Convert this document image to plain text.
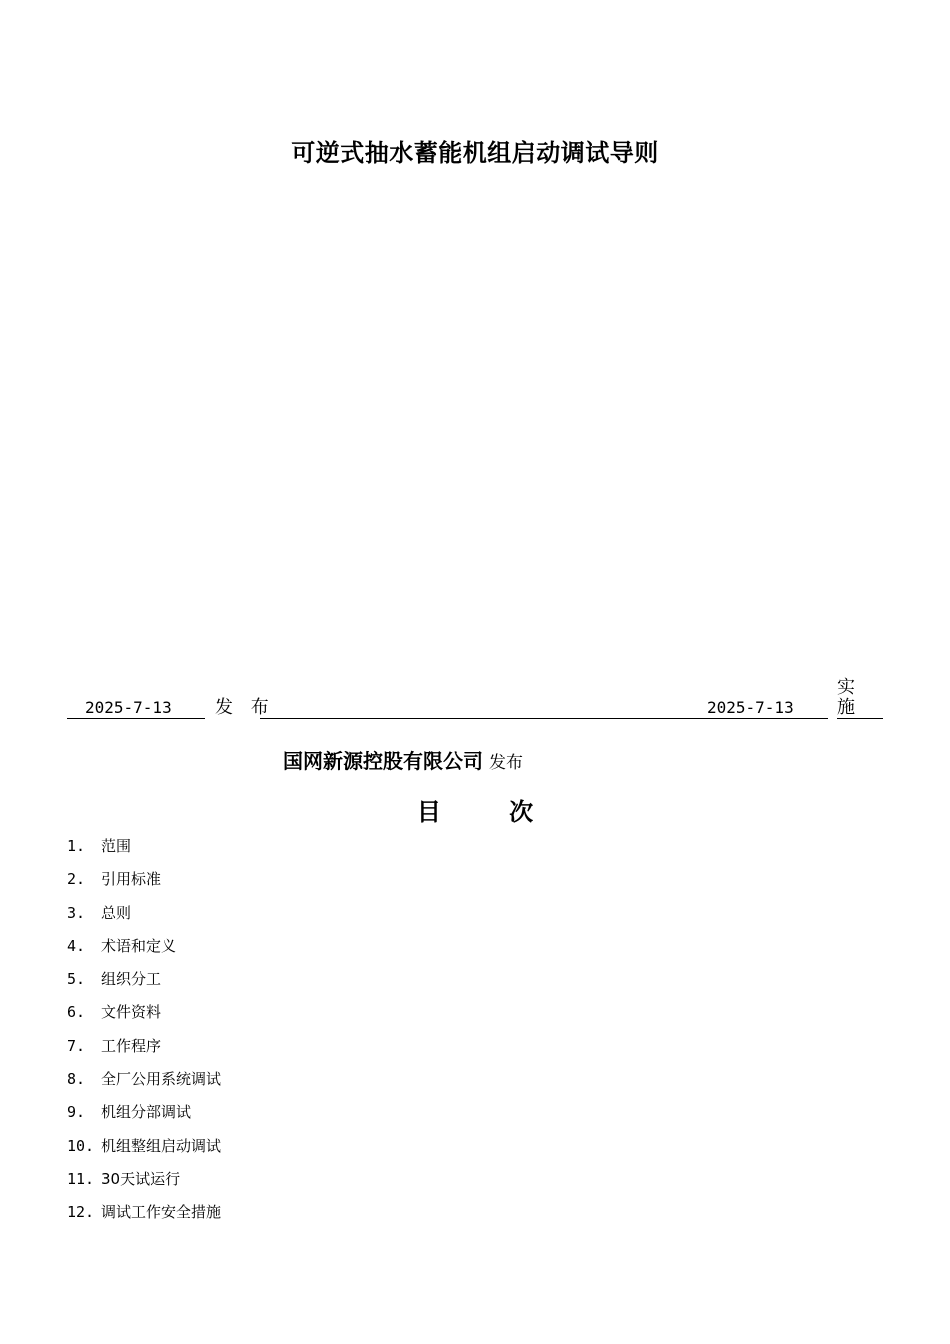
可逆式抽水蓄能机组启动调试导则
2025-7-13 发 布	2025-7-13
实 施
国网新源控股有限公司 发布
目 次
1.	范围
2.	引用标准
3.	总则
4.	术语和定义
5.	组织分工
6.	文件资料
7.	工作程序
8.	全厂公用系统调试
9.	机组分部调试
10. 机组整组启动调试
11. 30天试运行
12. 调试工作安全措施
